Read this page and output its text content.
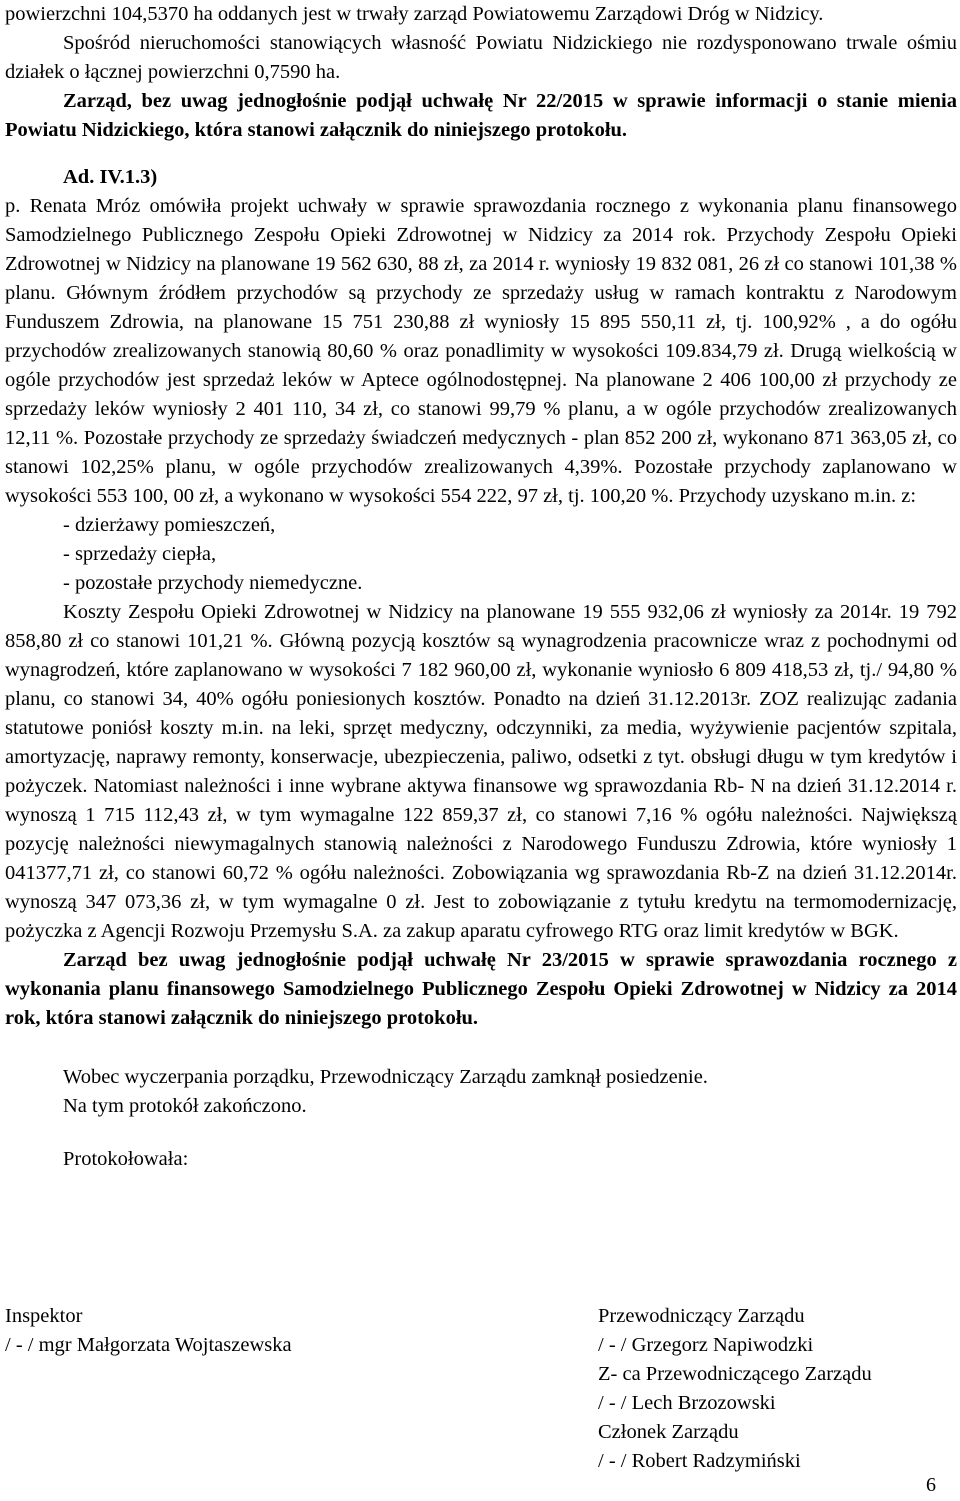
powierzchni 104,5370 ha oddanych jest w trwały zarząd Powiatowemu Zarządowi Dróg w Nidzicy.

Spośród nieruchomości stanowiących własność Powiatu Nidzickiego nie rozdysponowano trwale ośmiu działek o łącznej powierzchni 0,7590 ha.

Zarząd, bez uwag jednogłośnie podjął uchwałę Nr 22/2015 w sprawie informacji o stanie mienia Powiatu Nidzickiego, która stanowi załącznik do niniejszego protokołu.

Ad. IV.1.3)

p. Renata Mróz omówiła projekt uchwały w sprawie sprawozdania rocznego z wykonania planu finansowego Samodzielnego Publicznego Zespołu Opieki Zdrowotnej w Nidzicy za 2014 rok. Przychody Zespołu Opieki Zdrowotnej w Nidzicy na planowane 19 562 630, 88 zł, za 2014 r. wyniosły 19 832 081, 26 zł co stanowi 101,38 % planu. Głównym źródłem przychodów są przychody ze sprzedaży usług w ramach kontraktu z Narodowym Funduszem Zdrowia, na planowane 15 751 230,88 zł wyniosły 15 895 550,11 zł, tj. 100,92% , a do ogółu przychodów zrealizowanych stanowią 80,60 % oraz ponadlimity w wysokości 109.834,79 zł. Drugą wielkością w ogóle przychodów jest sprzedaż leków w Aptece ogólnodostępnej. Na planowane 2 406 100,00 zł przychody ze sprzedaży leków wyniosły 2 401 110, 34 zł, co stanowi 99,79 % planu, a w ogóle przychodów zrealizowanych 12,11 %. Pozostałe przychody ze sprzedaży świadczeń medycznych - plan 852 200 zł, wykonano 871 363,05 zł, co stanowi 102,25% planu, w ogóle przychodów zrealizowanych 4,39%. Pozostałe przychody zaplanowano w wysokości 553 100, 00 zł, a wykonano w wysokości 554 222, 97 zł, tj. 100,20 %. Przychody uzyskano m.in. z:

- dzierżawy pomieszczeń,

- sprzedaży ciepła,

- pozostałe przychody niemedyczne.

Koszty Zespołu Opieki Zdrowotnej w Nidzicy na planowane 19 555 932,06 zł wyniosły za 2014r. 19 792 858,80 zł co stanowi 101,21 %. Główną pozycją kosztów są wynagrodzenia pracownicze wraz z pochodnymi od wynagrodzeń, które zaplanowano w wysokości 7 182 960,00 zł, wykonanie wyniosło 6 809 418,53 zł, tj./ 94,80 % planu, co stanowi 34, 40% ogółu poniesionych kosztów. Ponadto na dzień 31.12.2013r. ZOZ realizując zadania statutowe poniósł koszty m.in. na leki, sprzęt medyczny, odczynniki, za media, wyżywienie pacjentów szpitala, amortyzację, naprawy remonty, konserwacje, ubezpieczenia, paliwo, odsetki z tyt. obsługi długu w tym kredytów i pożyczek. Natomiast należności i inne wybrane aktywa finansowe wg sprawozdania Rb- N na dzień 31.12.2014 r. wynoszą 1 715 112,43 zł, w tym wymagalne 122 859,37 zł, co stanowi 7,16 % ogółu należności. Największą pozycję należności niewymagalnych stanowią należności z Narodowego Funduszu Zdrowia, które wyniosły 1 041377,71 zł, co stanowi 60,72 % ogółu należności. Zobowiązania wg sprawozdania Rb-Z na dzień 31.12.2014r. wynoszą 347 073,36 zł, w tym wymagalne 0 zł. Jest to zobowiązanie z tytułu kredytu na termomodernizację, pożyczka z Agencji Rozwoju Przemysłu S.A. za zakup aparatu cyfrowego RTG oraz limit kredytów w BGK.

Zarząd bez uwag jednogłośnie podjął uchwałę Nr 23/2015 w sprawie sprawozdania rocznego z wykonania planu finansowego Samodzielnego Publicznego Zespołu Opieki Zdrowotnej w Nidzicy za 2014 rok, która stanowi załącznik do niniejszego protokołu.

Wobec wyczerpania porządku, Przewodniczący Zarządu zamknął posiedzenie.

Na tym protokół zakończono.

Protokołowała:

Inspektor
/ - / mgr Małgorzata Wojtaszewska
Przewodniczący Zarządu
/ - / Grzegorz Napiwodzki
Z- ca Przewodniczącego Zarządu
/ - / Lech Brzozowski
Członek Zarządu
/ - / Robert Radzymiński
6
